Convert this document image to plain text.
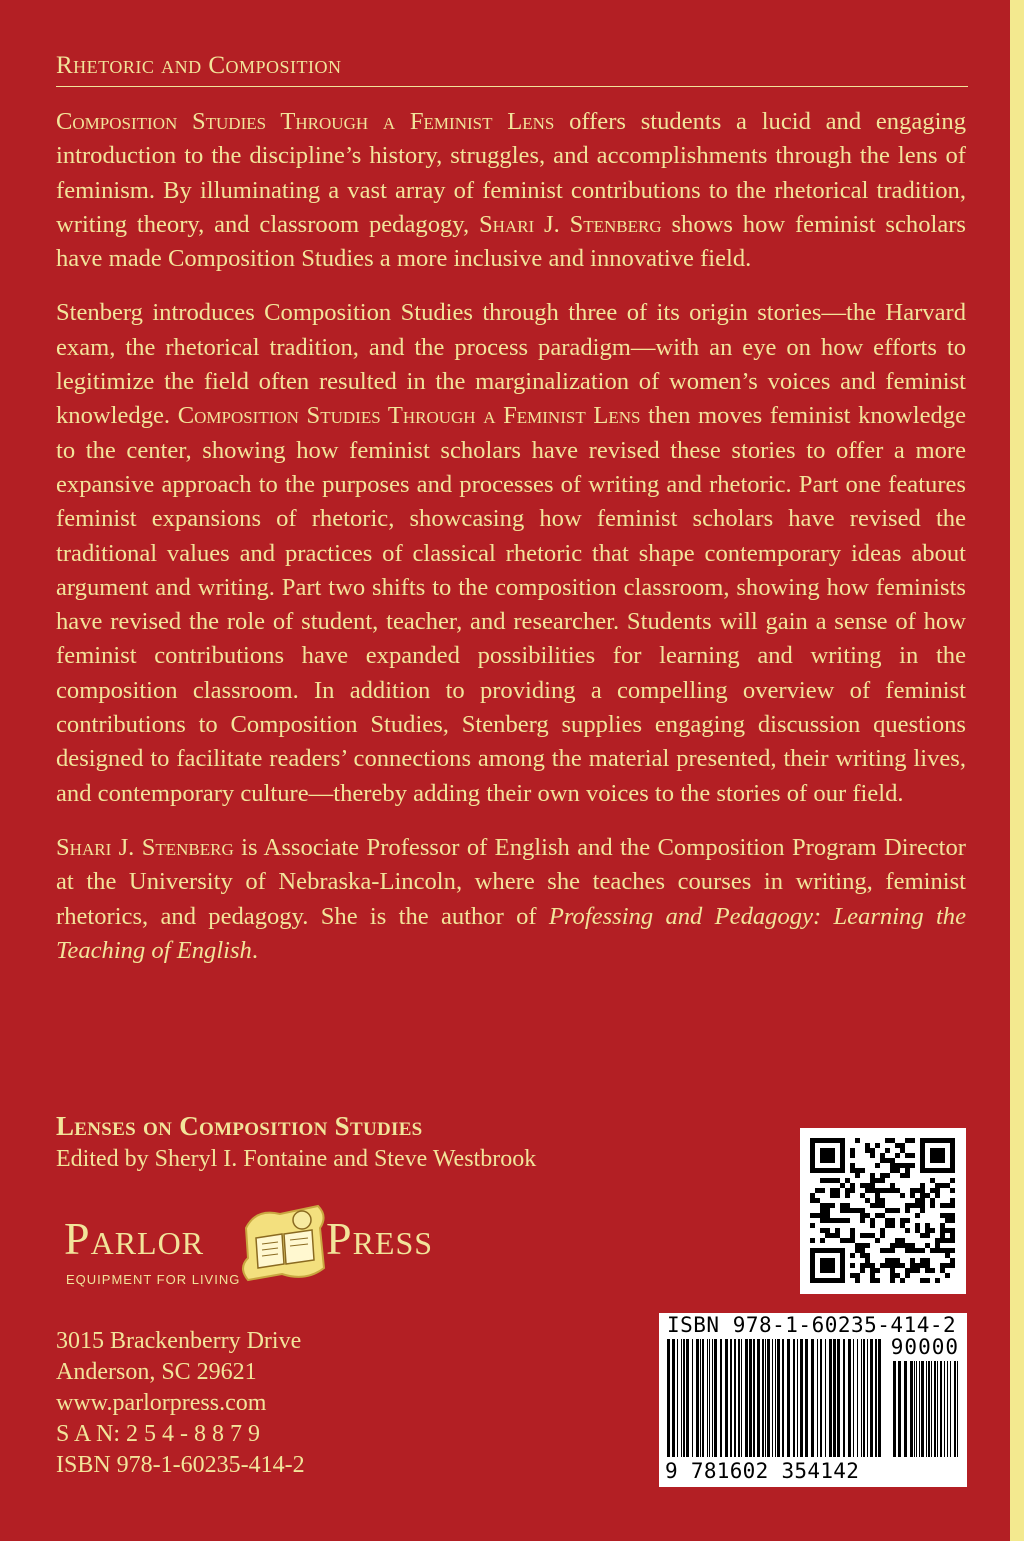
Rhetoric and Composition

Composition Studies Through a Feminist Lens offers students a lucid and engaging introduction to the discipline’s history, struggles, and accomplishments through the lens of feminism. By illuminating a vast array of feminist contributions to the rhetorical tradition, writing theory, and classroom pedagogy, Shari J. Stenberg shows how feminist scholars have made Composition Studies a more inclusive and innovative field.

Stenberg introduces Composition Studies through three of its origin stories—the Harvard exam, the rhetorical tradition, and the process paradigm—with an eye on how efforts to legitimize the field often resulted in the marginalization of women’s voices and feminist knowledge. Composition Studies Through a Feminist Lens then moves feminist knowledge to the center, showing how feminist scholars have revised these stories to offer a more expansive approach to the purposes and processes of writing and rhetoric. Part one features feminist expansions of rhetoric, showcasing how feminist scholars have revised the traditional values and practices of classical rhetoric that shape contemporary ideas about argument and writing. Part two shifts to the composition classroom, showing how feminists have revised the role of student, teacher, and researcher. Students will gain a sense of how feminist contributions have expanded possibilities for learning and writing in the composition classroom. In addition to providing a compelling overview of feminist contributions to Composition Studies, Stenberg supplies engaging discussion questions designed to facilitate readers’ connections among the material presented, their writing lives, and contemporary culture—thereby adding their own voices to the stories of our field.

Shari J. Stenberg is Associate Professor of English and the Composition Program Director at the University of Nebraska-Lincoln, where she teaches courses in writing, feminist rhetorics, and pedagogy. She is the author of Professing and Pedagogy: Learning the Teaching of English.

Lenses on Composition Studies
Edited by Sheryl I. Fontaine and Steve Westbrook
Parlor	Press
EQUIPMENT FOR LIVING
3015 Brackenberry Drive
Anderson, SC 29621
www.parlorpress.com
S A N: 2 5 4 - 8 8 7 9
ISBN 978-1-60235-414-2
ISBN 978-1-60235-414-2
90000
9 781602 354142
